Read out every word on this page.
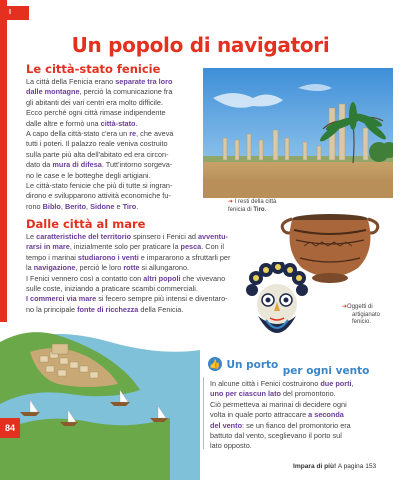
I FENICI
Un popolo di navigatori
Le città-stato fenicie
La città della Fenicia erano separate tra loro
dalle montagne, perciò la comunicazione fra
gli abitanti dei vari centri era molto difficile.
Ecco perché ogni città rimase indipendente
dalle altre e formò una città-stato.
A capo della città-stato c'era un re, che aveva
tutti i poteri. Il palazzo reale veniva costruito
sulla parte più alta dell'abitato ed era circon-
dato da mura di difesa. Tutt'intorno sorgeva-
no le case e le botteghe degli artigiani.
Le città-stato fenicie che più di tutte si ingran-
dirono e svilupparono attività economiche fu-
rono Biblo, Berito, Sidone e Tiro.	➜ I resti della città
fenicia di Tiro.
Dalle città al mare
Le caratteristiche del territorio spinsero i Fenici ad avventu-
rarsi in mare, inizialmente solo per praticare la pesca. Con il
tempo i marinai studiarono i venti e impararono a sfruttarli per
la navigazione, perciò le loro rotte si allungarono.
I Fenici vennero così a contatto con altri popoli che vivevano
sulle coste, iniziando a praticare scambi commerciali.
I commerci via mare si fecero sempre più intensi e diventaro-
no la principale fonte di ricchezza della Fenicia.	➜Oggetti di
artigianato
fenicio.
84
👍 Un porto $_{per ogni vento}$
In alcune città i Fenici costruirono due porti,
uno per ciascun lato del promontorio.
Ciò permetteva ai marinai di decidere ogni
volta in quale porto attraccare a seconda
del vento: se un fianco del promontorio era
battuto dal vento, sceglievano il porto sul
lato opposto.
Impara di più! A pagina 153
